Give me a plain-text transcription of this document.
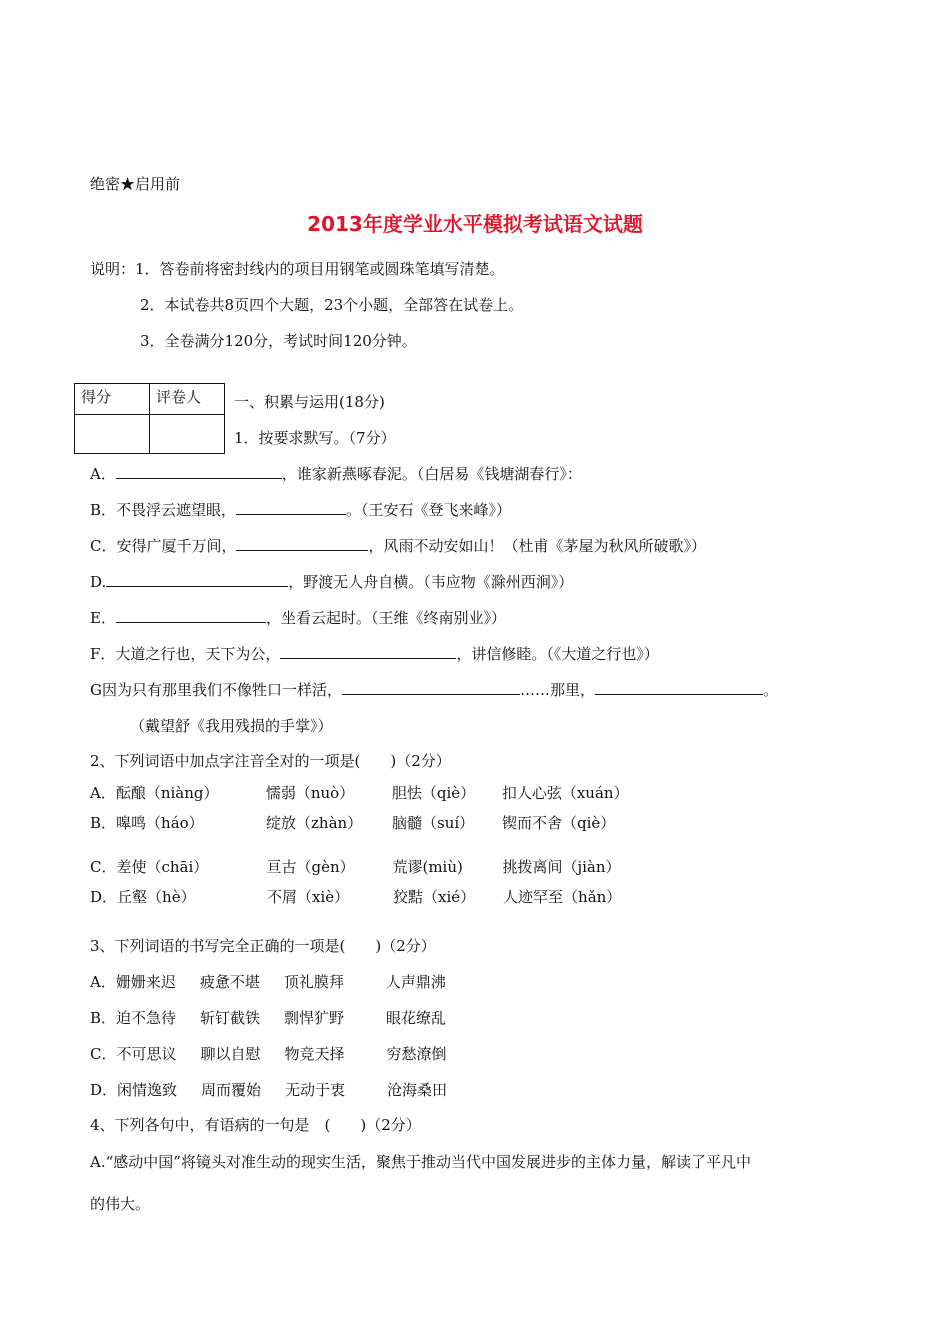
绝密★启用前
2013年度学业水平模拟考试语文试题
说明：1．答卷前将密封线内的项目用钢笔或圆珠笔填写清楚。
2．本试卷共8页四个大题，23个小题，全部答在试卷上。
3．全卷满分120分，考试时间120分钟。
得分	评卷人
	一、积累与运用(18分)
1．按要求默写。（7分）
A．	，谁家新燕啄春泥。（白居易《钱塘湖春行》：
B．不畏浮云遮望眼，	。（王安石《登飞来峰》）
C．安得广厦千万间，	，风雨不动安如山！（杜甫《茅屋为秋风所破歌》）
D.	，野渡无人舟自横。（韦应物《滁州西涧》）
E．	，坐看云起时。（王维《终南别业》）
F．大道之行也，天下为公，	，讲信修睦。（《大道之行也》）
G因为只有那里我们不像牲口一样活，	……那里，	。
（戴望舒《我用残损的手掌》）
2、下列词语中加点字注音全对的一项是(　　)（2分）
A．酝酿（niàng）	懦弱（nuò）	胆怯（qiè） 扣人心弦（xuán）
B．嗥鸣（háo）	绽放（zhàn） 脑髓（suí） 锲而不舍（qiè）
C．差使（chāi）	亘古（gèn）	荒谬(miù)	挑拨离间（jiàn）
D．丘壑（hè）	不屑（xiè）	狡黠（xié） 人迹罕至（hǎn）
3、下列词语的书写完全正确的一项是(　　)（2分）
A．姗姗来迟 疲惫不堪 顶礼膜拜	人声鼎沸
B．迫不急待 斩钉截铁 剽悍犷野	眼花缭乱
C．不可思议 聊以自慰 物竞天择	穷愁潦倒
D．闲情逸致 周而覆始 无动于衷	沧海桑田
4、下列各句中，有语病的一句是　(　　)（2分）
A.“感动中国”将镜头对准生动的现实生活，聚焦于推动当代中国发展进步的主体力量，解读了平凡中
的伟大。
